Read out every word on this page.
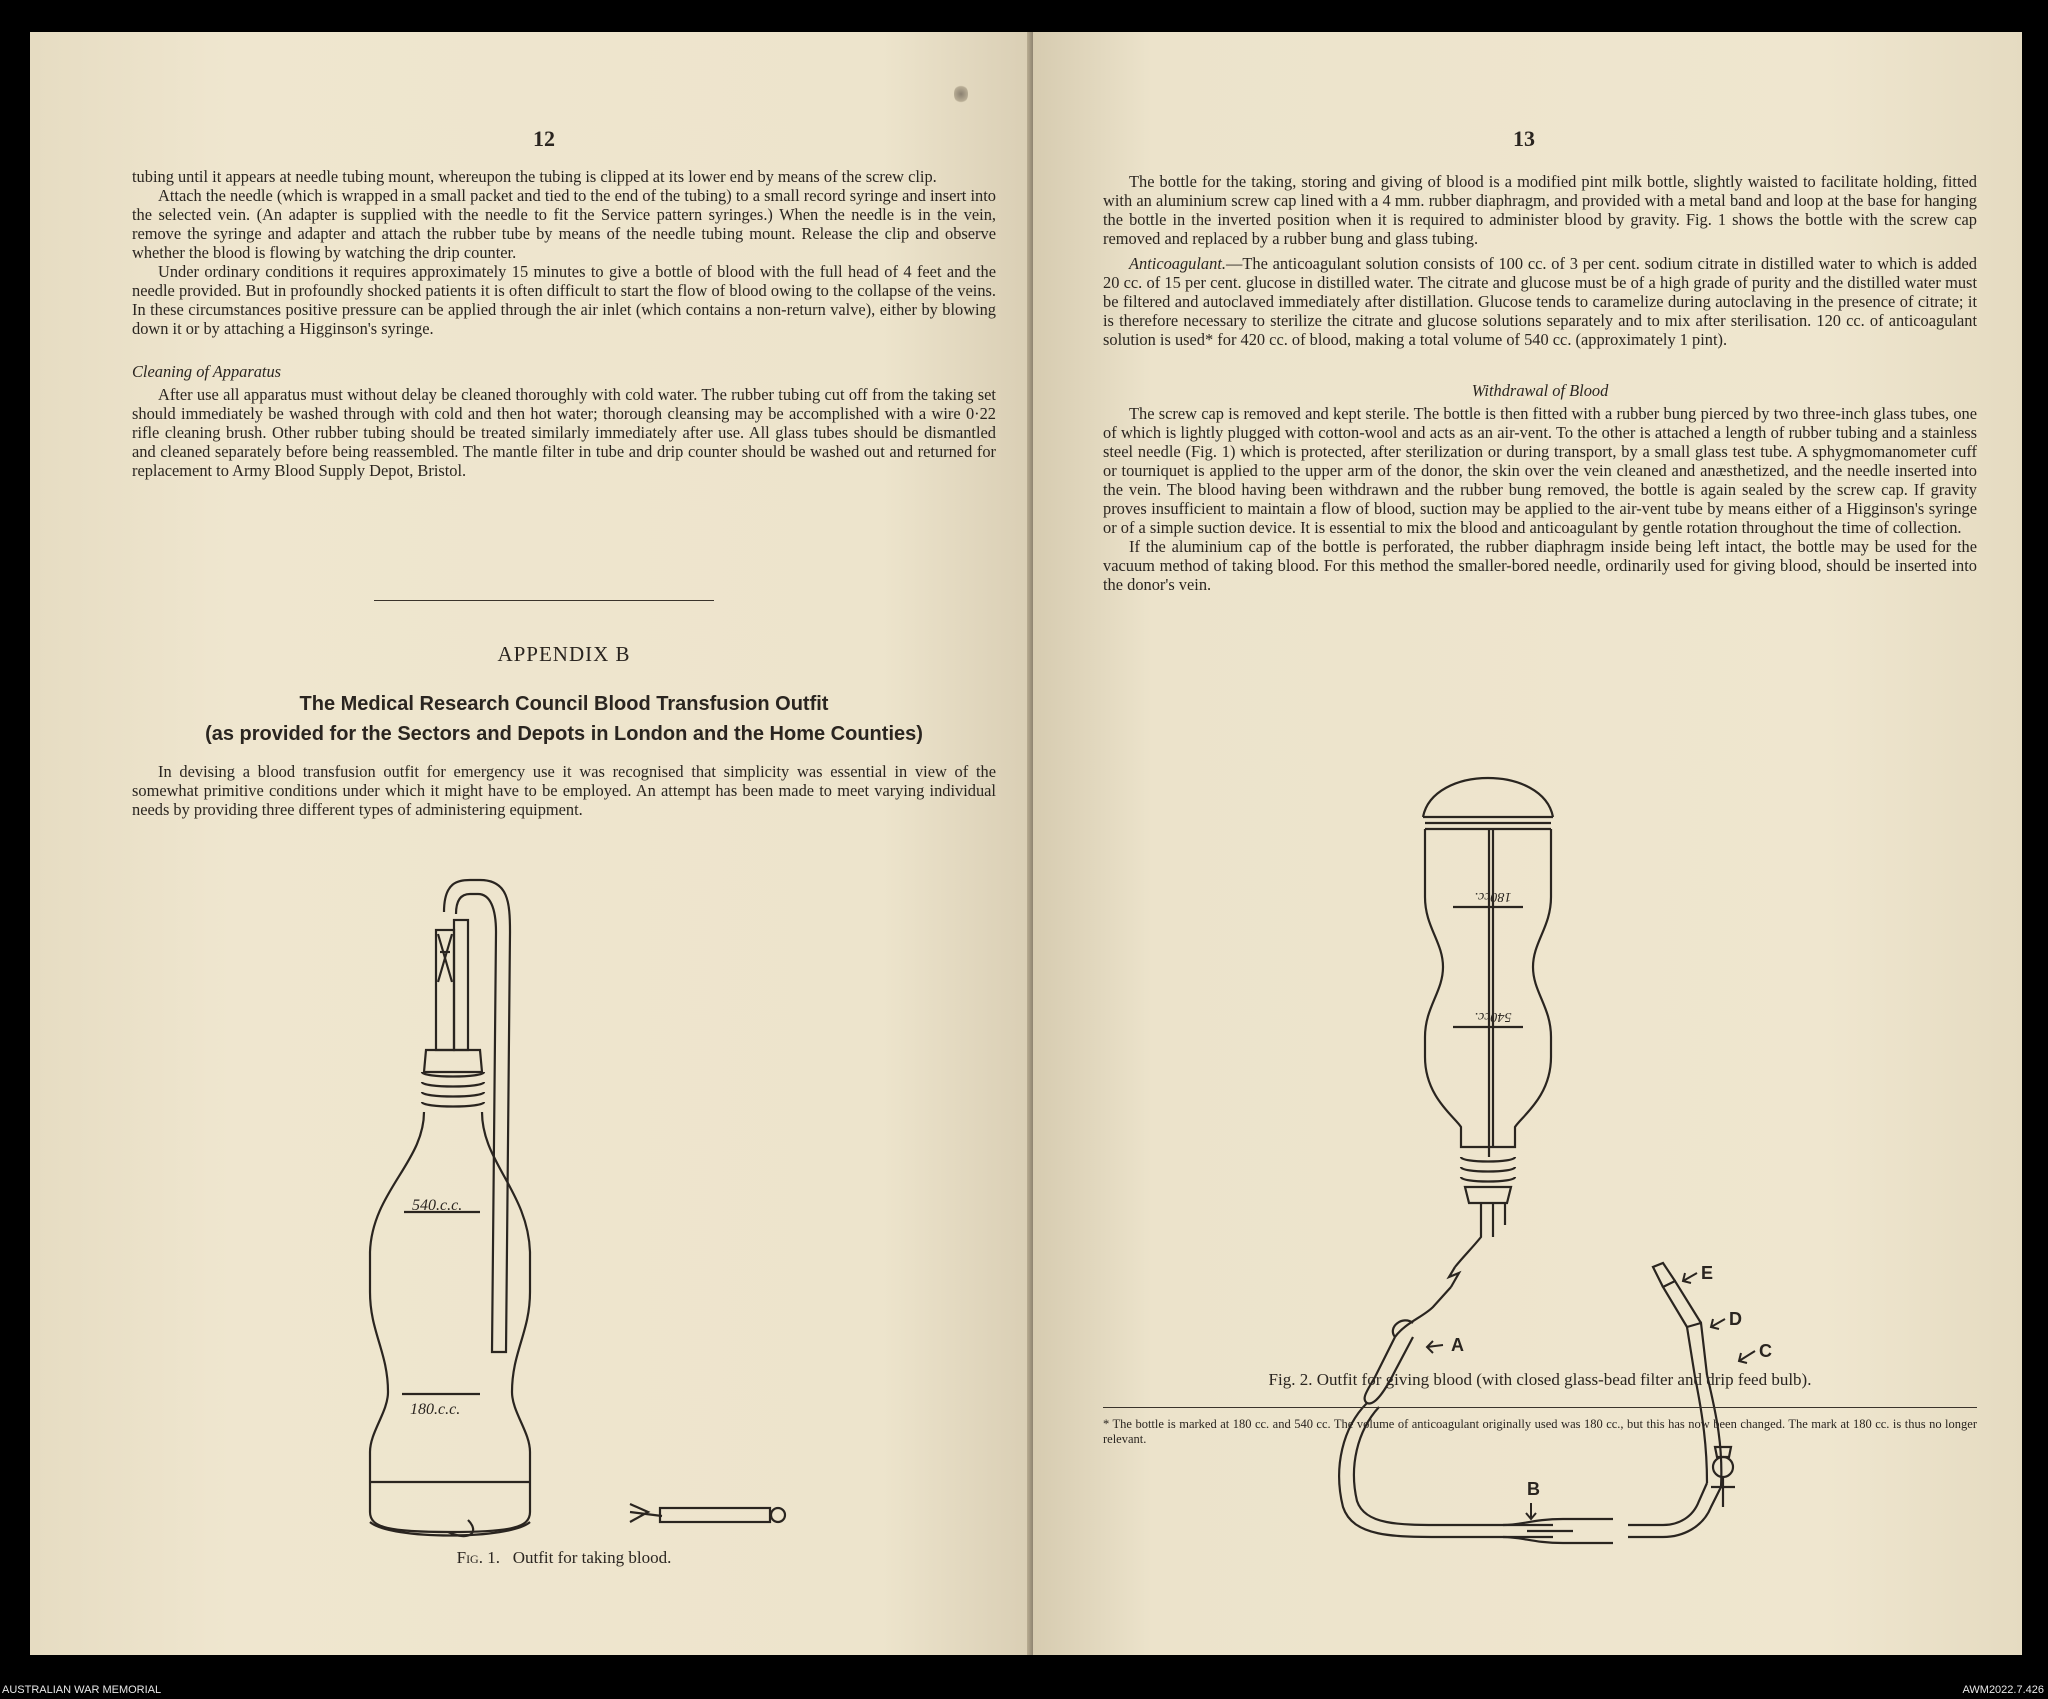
12

tubing until it appears at needle tubing mount, whereupon the tubing is clipped at its lower end by means of the screw clip.

Attach the needle (which is wrapped in a small packet and tied to the end of the tubing) to a small record syringe and insert into the selected vein. (An adapter is supplied with the needle to fit the Service pattern syringes.) When the needle is in the vein, remove the syringe and adapter and attach the rubber tube by means of the needle tubing mount. Release the clip and observe whether the blood is flowing by watching the drip counter.

Under ordinary conditions it requires approximately 15 minutes to give a bottle of blood with the full head of 4 feet and the needle provided. But in profoundly shocked patients it is often difficult to start the flow of blood owing to the collapse of the veins. In these circumstances positive pressure can be applied through the air inlet (which contains a non-return valve), either by blowing down it or by attaching a Higginson's syringe.

Cleaning of Apparatus

After use all apparatus must without delay be cleaned thoroughly with cold water. The rubber tubing cut off from the taking set should immediately be washed through with cold and then hot water; thorough cleansing may be accomplished with a wire 0·22 rifle cleaning brush. Other rubber tubing should be treated similarly immediately after use. All glass tubes should be dismantled and cleaned separately before being reassembled. The mantle filter in tube and drip counter should be washed out and returned for replacement to Army Blood Supply Depot, Bristol.

APPENDIX B
The Medical Research Council Blood Transfusion Outfit
(as provided for the Sectors and Depots in London and the Home Counties)

In devising a blood transfusion outfit for emergency use it was recognised that simplicity was essential in view of the somewhat primitive conditions under which it might have to be employed. An attempt has been made to meet varying individual needs by providing three different types of administering equipment.

540.c.c.
180.c.c.
Fig. 1. Outfit for taking blood.
13

The bottle for the taking, storing and giving of blood is a modified pint milk bottle, slightly waisted to facilitate holding, fitted with an aluminium screw cap lined with a 4 mm. rubber diaphragm, and provided with a metal band and loop at the base for hanging the bottle in the inverted position when it is required to administer blood by gravity. Fig. 1 shows the bottle with the screw cap removed and replaced by a rubber bung and glass tubing.

Anticoagulant.—The anticoagulant solution consists of 100 cc. of 3 per cent. sodium citrate in distilled water to which is added 20 cc. of 15 per cent. glucose in distilled water. The citrate and glucose must be of a high grade of purity and the distilled water must be filtered and autoclaved immediately after distillation. Glucose tends to caramelize during autoclaving in the presence of citrate; it is therefore necessary to sterilize the citrate and glucose solutions separately and to mix after sterilisation. 120 cc. of anticoagulant solution is used* for 420 cc. of blood, making a total volume of 540 cc. (approximately 1 pint).

Withdrawal of Blood

The screw cap is removed and kept sterile. The bottle is then fitted with a rubber bung pierced by two three-inch glass tubes, one of which is lightly plugged with cotton-wool and acts as an air-vent. To the other is attached a length of rubber tubing and a stainless steel needle (Fig. 1) which is protected, after sterilization or during transport, by a small glass test tube. A sphygmomanometer cuff or tourniquet is applied to the upper arm of the donor, the skin over the vein cleaned and anæsthetized, and the needle inserted into the vein. The blood having been withdrawn and the rubber bung removed, the bottle is again sealed by the screw cap. If gravity proves insufficient to maintain a flow of blood, suction may be applied to the air-vent tube by means either of a Higginson's syringe or of a simple suction device. It is essential to mix the blood and anticoagulant by gentle rotation throughout the time of collection.

If the aluminium cap of the bottle is perforated, the rubber diaphragm inside being left intact, the bottle may be used for the vacuum method of taking blood. For this method the smaller-bored needle, ordinarily used for giving blood, should be inserted into the donor's vein.

A
B
C
D
E
180cc.
540cc.
Fig. 2. Outfit for giving blood (with closed glass-bead filter and drip feed bulb).
* The bottle is marked at 180 cc. and 540 cc. The volume of anticoagulant originally used was 180 cc., but this has now been changed. The mark at 180 cc. is thus no longer relevant.
AUSTRALIAN WAR MEMORIAL	AWM2022.7.426
